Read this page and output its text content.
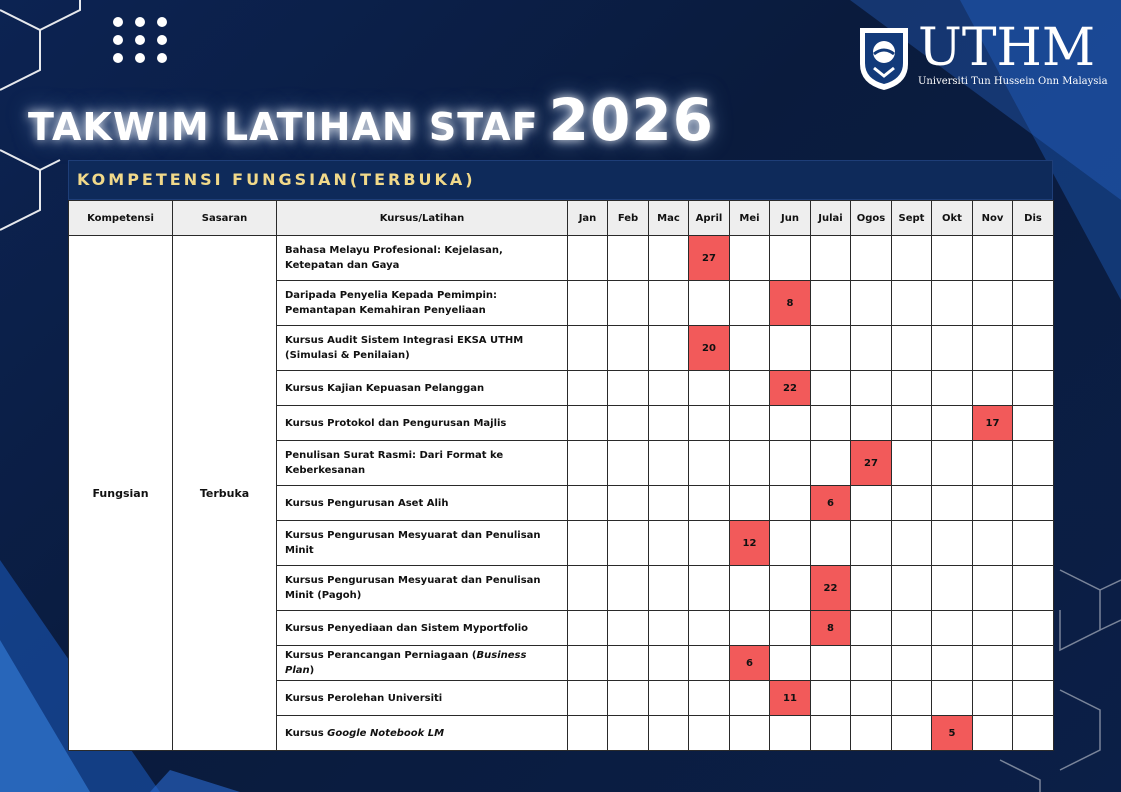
TAKWIM LATIHAN STAF 2026
UTHM
Universiti Tun Hussein Onn Malaysia
KOMPETENSI FUNGSIAN(TERBUKA)
Kompetensi	Sasaran	Kursus/Latihan	Jan	Feb	Mac	April	Mei	Jun	Julai	Ogos	Sept	Okt	Nov	Dis
Fungsian	Terbuka	Bahasa Melayu Profesional: Kejelasan, Ketepatan dan Gaya				27								
		Daripada Penyelia Kepada Pemimpin: Pemantapan Kemahiran Penyeliaan						8						
		Kursus Audit Sistem Integrasi EKSA UTHM (Simulasi & Penilaian)				20								
		Kursus Kajian Kepuasan Pelanggan						22						
		Kursus Protokol dan Pengurusan Majlis											17	
		Penulisan Surat Rasmi: Dari Format ke Keberkesanan								27				
		Kursus Pengurusan Aset Alih							6					
		Kursus Pengurusan Mesyuarat dan Penulisan Minit					12							
		Kursus Pengurusan Mesyuarat dan Penulisan Minit (Pagoh)							22					
		Kursus Penyediaan dan Sistem Myportfolio							8					
		Kursus Perancangan Perniagaan (Business Plan)					6							
		Kursus Perolehan Universiti						11						
		Kursus Google Notebook LM										5		
